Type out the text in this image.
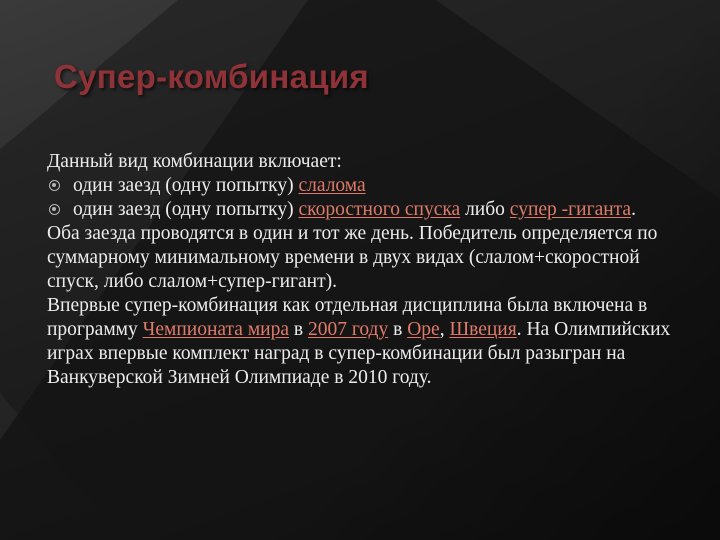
Супер-комбинация

Данный вид комбинации включает:

один заезд (одну попытку) слалома

один заезд (одну попытку) скоростного спуска либо супер -гиганта.

Оба заезда проводятся в один и тот же день. Победитель определяется по суммарному минимальному времени в двух видах (слалом+скоростной спуск, либо слалом+супер-гигант).

Впервые супер-комбинация как отдельная дисциплина была включена в программу Чемпионата мира в 2007 году в Оре, Швеция. На Олимпийских играх впервые комплект наград в супер-комбинации был разыгран на Ванкуверской Зимней Олимпиаде в 2010 году.
